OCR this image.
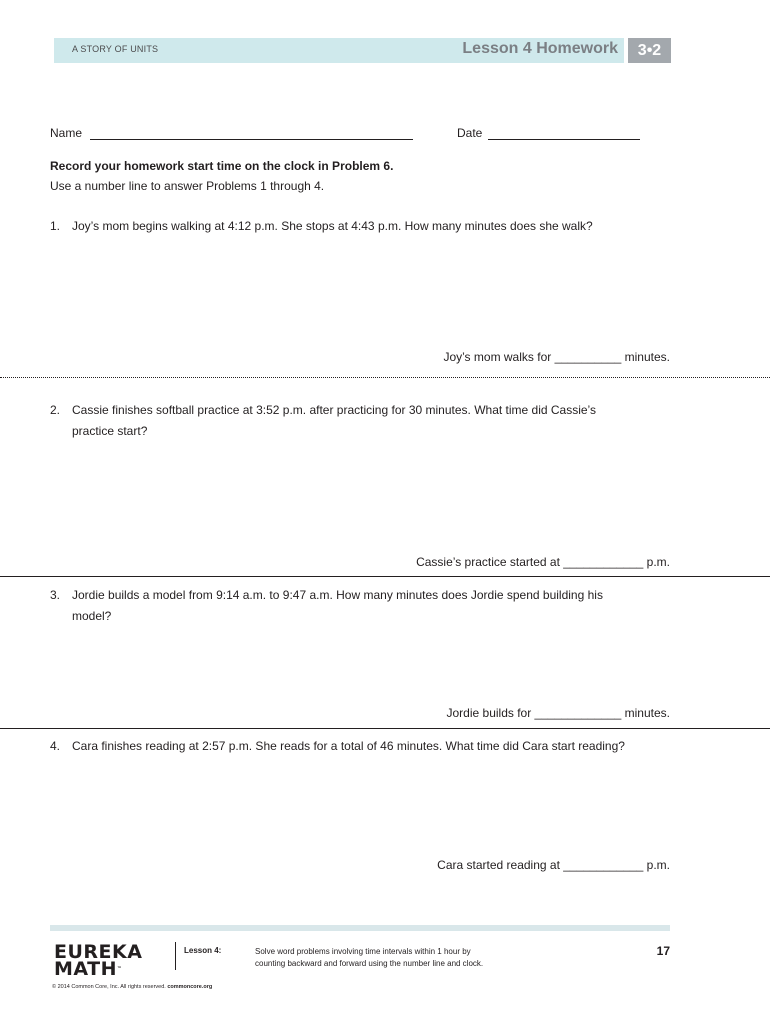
A STORY OF UNITS	Lesson 4 Homework	3•2
Name	Date
Record your homework start time on the clock in Problem 6.
Use a number line to answer Problems 1 through 4.
1. Joy’s mom begins walking at 4:12 p.m. She stops at 4:43 p.m. How many minutes does she walk?
Joy’s mom walks for __________ minutes.
2. Cassie finishes softball practice at 3:52 p.m. after practicing for 30 minutes. What time did Cassie’s
practice start?
Cassie’s practice started at ____________ p.m.
3. Jordie builds a model from 9:14 a.m. to 9:47 a.m. How many minutes does Jordie spend building his
model?
Jordie builds for _____________ minutes.
4. Cara finishes reading at 2:57 p.m. She reads for a total of 46 minutes. What time did Cara start reading?
Cara started reading at ____________ p.m.
EUREKA
MATH™
Lesson 4:	Solve word problems involving time intervals within 1 hour by
counting backward and forward using the number line and clock.
17
© 2014 Common Core, Inc. All rights reserved. commoncore.org
